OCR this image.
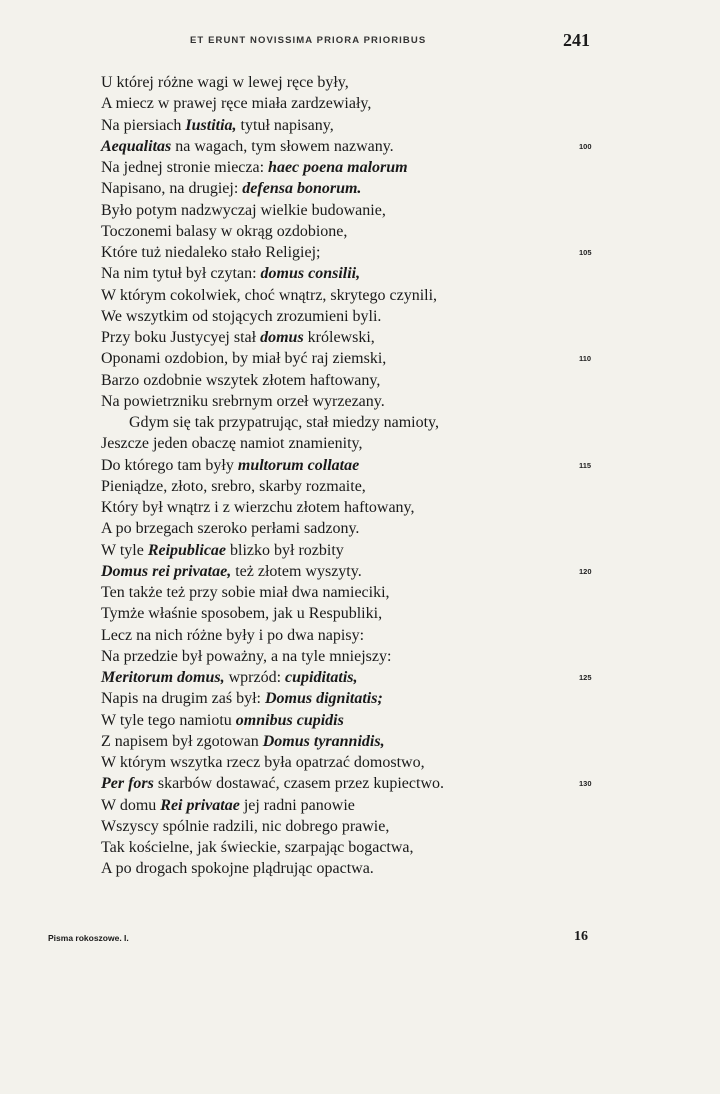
ET ERUNT NOVISSIMA PRIORA PRIORIBUS	241
U której różne wagi w lewej ręce były,
A miecz w prawej ręce miała zardzewiały,
Na piersiach Iustitia, tytuł napisany,
Aequalitas na wagach, tym słowem nazwany.	100
Na jednej stronie miecza: haec poena malorum
Napisano, na drugiej: defensa bonorum.
Było potym nadzwyczaj wielkie budowanie,
Toczonemi balasy w okrąg ozdobione,
Które tuż niedaleko stało Religiej;	105
Na nim tytuł był czytan: domus consilii,
W którym cokolwiek, choć wnątrz, skrytego czynili,
We wszytkim od stojących zrozumieni byli.
Przy boku Justycyej stał domus królewski,
Oponami ozdobion, by miał być raj ziemski,	110
Barzo ozdobnie wszytek złotem haftowany,
Na powietrzniku srebrnym orzeł wyrzezany.
Gdym się tak przypatrując, stał miedzy namioty,
Jeszcze jeden obaczę namiot znamienity,
Do którego tam były multorum collatae	115
Pieniądze, złoto, srebro, skarby rozmaite,
Który był wnątrz i z wierzchu złotem haftowany,
A po brzegach szeroko perłami sadzony.
W tyle Reipublicae blizko był rozbity
Domus rei privatae, też złotem wyszyty.	120
Ten także też przy sobie miał dwa namieciki,
Tymże właśnie sposobem, jak u Respubliki,
Lecz na nich różne były i po dwa napisy:
Na przedzie był poważny, a na tyle mniejszy:
Meritorum domus, wprzód: cupiditatis,	125
Napis na drugim zaś był: Domus dignitatis;
W tyle tego namiotu omnibus cupidis
Z napisem był zgotowan Domus tyrannidis,
W którym wszytka rzecz była opatrzać domostwo,
Per fors skarbów dostawać, czasem przez kupiectwo.	130
W domu Rei privatae jej radni panowie
Wszyscy spólnie radzili, nic dobrego prawie,
Tak kościelne, jak świeckie, szarpając bogactwa,
A po drogach spokojne plądrując opactwa.
Pisma rokoszowe. I.	16
